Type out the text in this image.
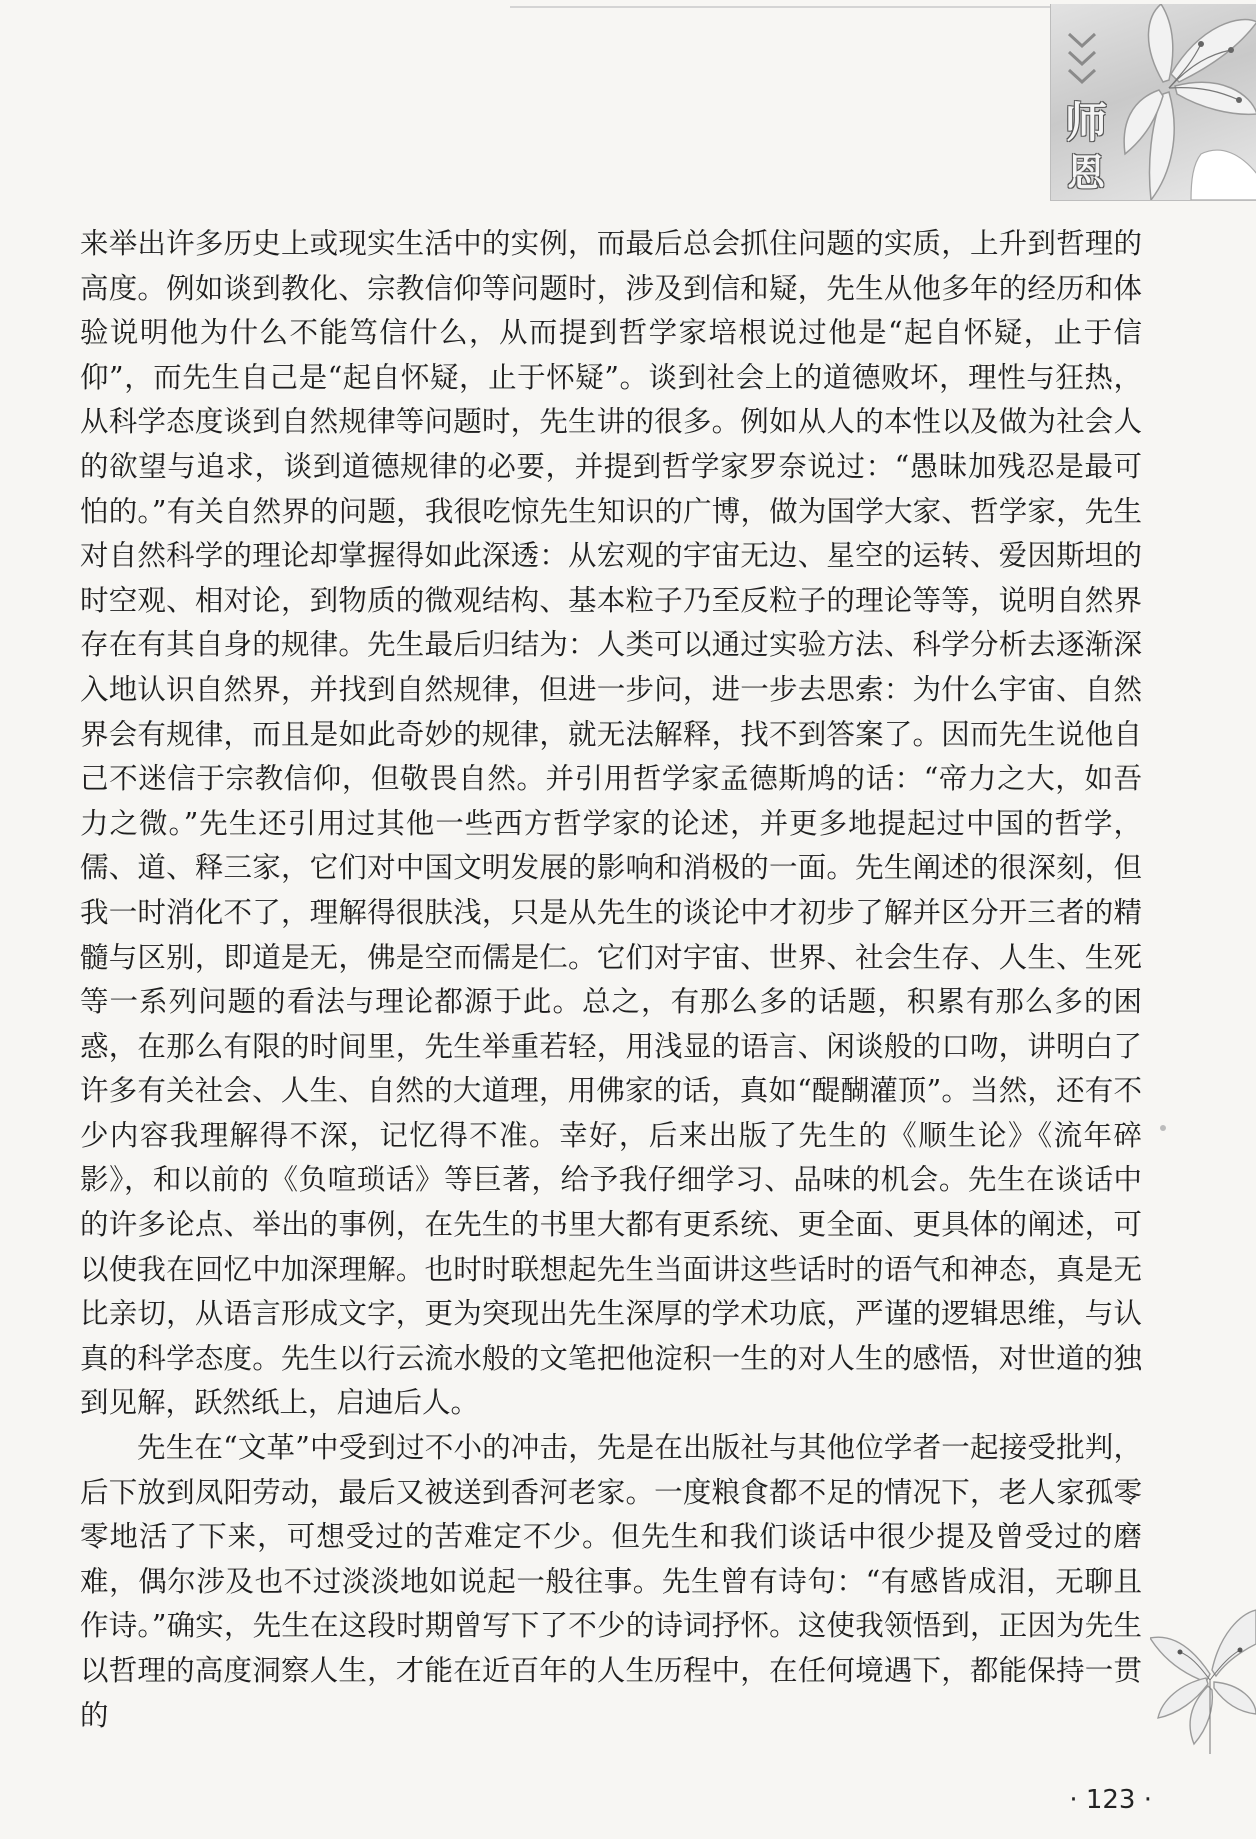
师
恩

来举出许多历史上或现实生活中的实例，而最后总会抓住问题的实质，上升到哲理的高度。例如谈到教化、宗教信仰等问题时，涉及到信和疑，先生从他多年的经历和体验说明他为什么不能笃信什么，从而提到哲学家培根说过他是“起自怀疑，止于信仰”，而先生自己是“起自怀疑，止于怀疑”。谈到社会上的道德败坏，理性与狂热，从科学态度谈到自然规律等问题时，先生讲的很多。例如从人的本性以及做为社会人的欲望与追求，谈到道德规律的必要，并提到哲学家罗奈说过：“愚昧加残忍是最可怕的。”有关自然界的问题，我很吃惊先生知识的广博，做为国学大家、哲学家，先生对自然科学的理论却掌握得如此深透：从宏观的宇宙无边、星空的运转、爱因斯坦的时空观、相对论，到物质的微观结构、基本粒子乃至反粒子的理论等等，说明自然界存在有其自身的规律。先生最后归结为：人类可以通过实验方法、科学分析去逐渐深入地认识自然界，并找到自然规律，但进一步问，进一步去思索：为什么宇宙、自然界会有规律，而且是如此奇妙的规律，就无法解释，找不到答案了。因而先生说他自己不迷信于宗教信仰，但敬畏自然。并引用哲学家孟德斯鸠的话：“帝力之大，如吾力之微。”先生还引用过其他一些西方哲学家的论述，并更多地提起过中国的哲学，儒、道、释三家，它们对中国文明发展的影响和消极的一面。先生阐述的很深刻，但我一时消化不了，理解得很肤浅，只是从先生的谈论中才初步了解并区分开三者的精髓与区别，即道是无，佛是空而儒是仁。它们对宇宙、世界、社会生存、人生、生死等一系列问题的看法与理论都源于此。总之，有那么多的话题，积累有那么多的困惑，在那么有限的时间里，先生举重若轻，用浅显的语言、闲谈般的口吻，讲明白了许多有关社会、人生、自然的大道理，用佛家的话，真如“醍醐灌顶”。当然，还有不少内容我理解得不深，记忆得不准。幸好，后来出版了先生的《顺生论》《流年碎影》，和以前的《负喧琐话》等巨著，给予我仔细学习、品味的机会。先生在谈话中的许多论点、举出的事例，在先生的书里大都有更系统、更全面、更具体的阐述，可以使我在回忆中加深理解。也时时联想起先生当面讲这些话时的语气和神态，真是无比亲切，从语言形成文字，更为突现出先生深厚的学术功底，严谨的逻辑思维，与认真的科学态度。先生以行云流水般的文笔把他淀积一生的对人生的感悟，对世道的独到见解，跃然纸上，启迪后人。

先生在“文革”中受到过不小的冲击，先是在出版社与其他位学者一起接受批判，后下放到凤阳劳动，最后又被送到香河老家。一度粮食都不足的情况下，老人家孤零零地活了下来，可想受过的苦难定不少。但先生和我们谈话中很少提及曾受过的磨难，偶尔涉及也不过淡淡地如说起一般往事。先生曾有诗句：“有感皆成泪，无聊且作诗。”确实，先生在这段时期曾写下了不少的诗词抒怀。这使我领悟到，正因为先生以哲理的高度洞察人生，才能在近百年的人生历程中，在任何境遇下，都能保持一贯的

· 123 ·
